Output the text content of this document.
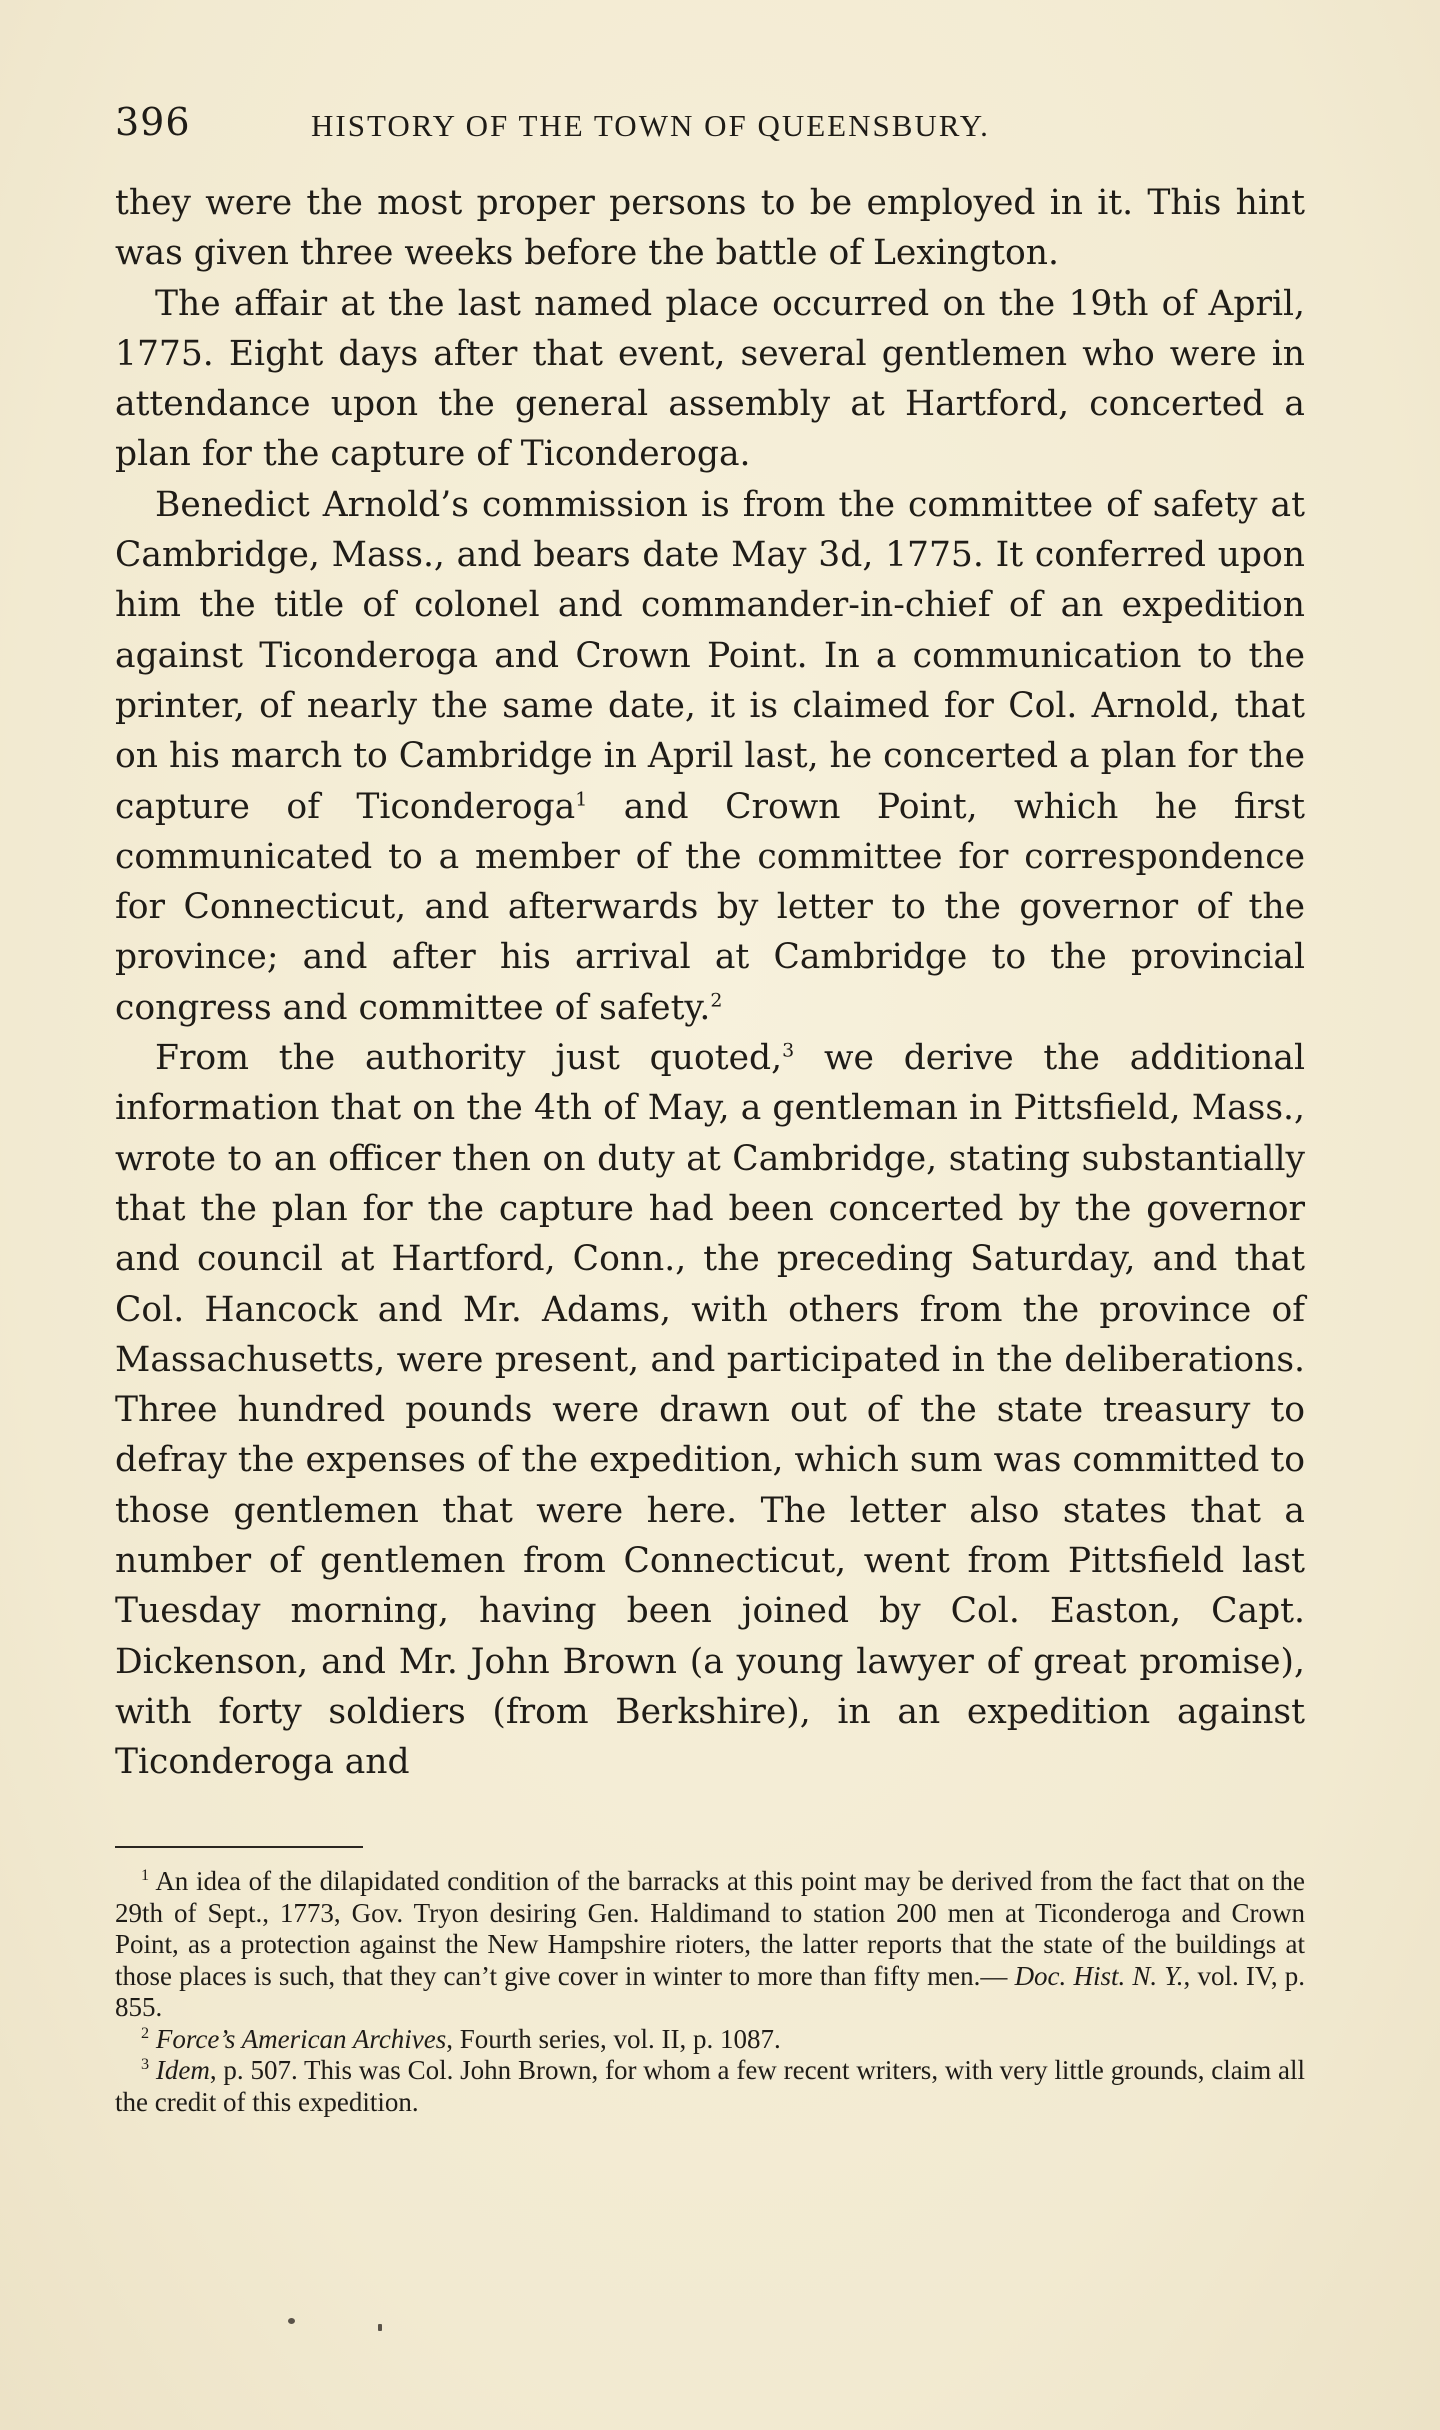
396	HISTORY OF THE TOWN OF QUEENSBURY.

they were the most proper persons to be employed in it. This hint was given three weeks before the battle of Lexington.

The affair at the last named place occurred on the 19th of April, 1775. Eight days after that event, several gentlemen who were in attendance upon the general assembly at Hartford, concerted a plan for the capture of Ticonderoga.

Benedict Arnold’s commission is from the committee of safety at Cambridge, Mass., and bears date May 3d, 1775. It conferred upon him the title of colonel and commander-in-chief of an expedition against Ticonderoga and Crown Point. In a communication to the printer, of nearly the same date, it is claimed for Col. Arnold, that on his march to Cambridge in April last, he concerted a plan for the capture of Ticonderoga$^1$ and Crown Point, which he first communicated to a member of the committee for correspondence for Connecticut, and afterwards by letter to the governor of the province; and after his arrival at Cambridge to the provincial congress and committee of safety.$^2$

From the authority just quoted,$^3$ we derive the additional information that on the 4th of May, a gentleman in Pittsfield, Mass., wrote to an officer then on duty at Cambridge, stating substantially that the plan for the capture had been concerted by the governor and council at Hartford, Conn., the preceding Saturday, and that Col. Hancock and Mr. Adams, with others from the province of Massachusetts, were present, and participated in the deliberations. Three hundred pounds were drawn out of the state treasury to defray the expenses of the expedition, which sum was committed to those gentlemen that were here. The letter also states that a number of gentlemen from Connecticut, went from Pittsfield last Tuesday morning, having been joined by Col. Easton, Capt. Dickenson, and Mr. John Brown (a young lawyer of great promise), with forty soldiers (from Berkshire), in an expedition against Ticonderoga and

$^1$ An idea of the dilapidated condition of the barracks at this point may be derived from the fact that on the 29th of Sept., 1773, Gov. Tryon desiring Gen. Haldimand to station 200 men at Ticonderoga and Crown Point, as a protection against the New Hampshire rioters, the latter reports that the state of the buildings at those places is such, that they can’t give cover in winter to more than fifty men.— Doc. Hist. N. Y., vol. IV, p. 855.

$^2$ Force’s American Archives, Fourth series, vol. II, p. 1087.

$^3$ Idem, p. 507. This was Col. John Brown, for whom a few recent writers, with very little grounds, claim all the credit of this expedition.
